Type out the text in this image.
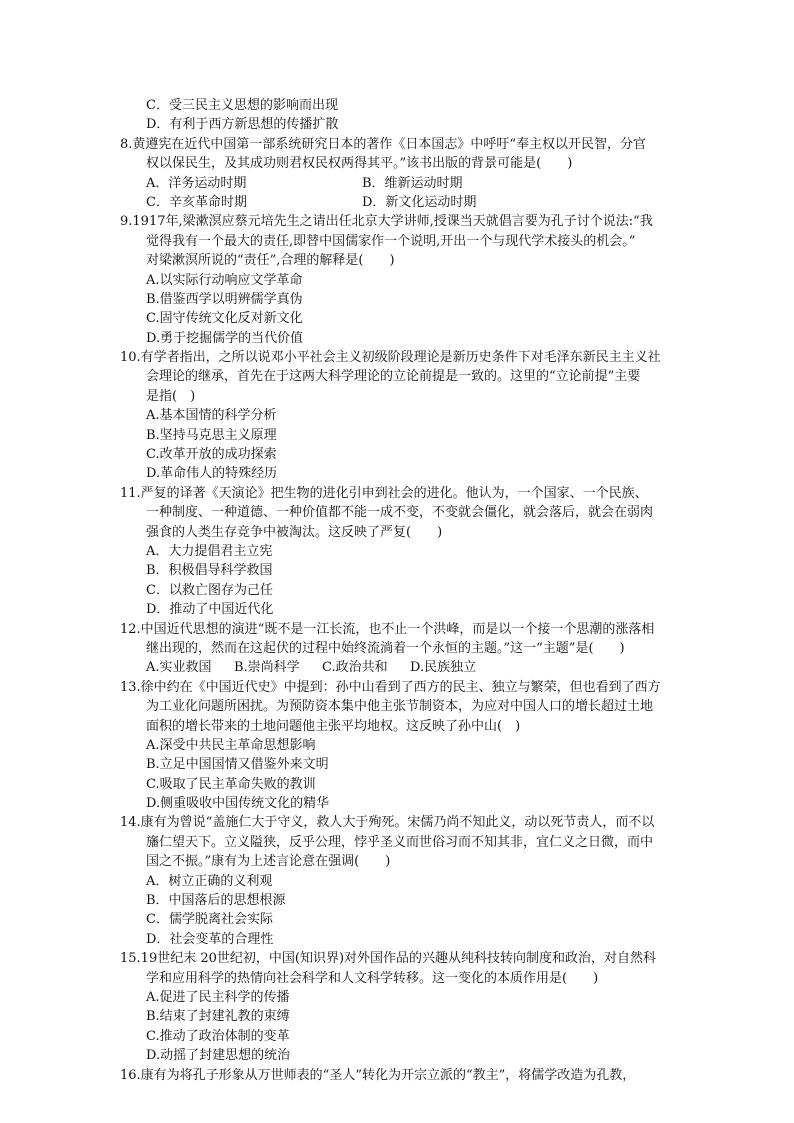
C．受三民主义思想的影响而出现
D．有利于西方新思想的传播扩散
8.黄遵宪在近代中国第一部系统研究日本的著作《日本国志》中呼吁“奉主权以开民智，分官
权以保民生，及其成功则君权民权两得其平。”该书出版的背景可能是(　　)
A．洋务运动时期	B．维新运动时期
C．辛亥革命时期	D．新文化运动时期
9.1917年,梁漱溟应蔡元培先生之请出任北京大学讲师,授课当天就倡言要为孔子讨个说法:“我
觉得我有一个最大的责任,即替中国儒家作一个说明,开出一个与现代学术接头的机会。”
对梁漱溟所说的“责任”,合理的解释是(　　)
A.以实际行动响应文学革命
B.借鉴西学以明辨儒学真伪
C.固守传统文化反对新文化
D.勇于挖掘儒学的当代价值
10.有学者指出，之所以说邓小平社会主义初级阶段理论是新历史条件下对毛泽东新民主主义社
会理论的继承，首先在于这两大科学理论的立论前提是一致的。这里的“立论前提”主要
是指(　)
A.基本国情的科学分析
B.坚持马克思主义原理
C.改革开放的成功探索
D.革命伟人的特殊经历
11.严复的译著《天演论》把生物的进化引申到社会的进化。他认为，一个国家、一个民族、
一种制度、一种道德、一种价值都不能一成不变，不变就会僵化，就会落后，就会在弱肉
强食的人类生存竞争中被淘汰。这反映了严复(　　)
A．大力提倡君主立宪
B．积极倡导科学救国
C．以救亡图存为己任
D．推动了中国近代化
12.中国近代思想的演进“既不是一江长流，也不止一个洪峰，而是以一个接一个思潮的涨落相
继出现的，然而在这起伏的过程中始终流淌着一个永恒的主题。”这一“主题”是(　　)
A.实业救国	B.崇尚科学	C.政治共和	D.民族独立
13.徐中约在《中国近代史》中提到：孙中山看到了西方的民主、独立与繁荣，但也看到了西方
为工业化问题所困扰。为预防资本集中他主张节制资本，为应对中国人口的增长超过土地
面积的增长带来的土地问题他主张平均地权。这反映了孙中山(　)
A.深受中共民主革命思想影响
B.立足中国国情又借鉴外来文明
C.吸取了民主革命失败的教训
D.侧重吸收中国传统文化的精华
14.康有为曾说“盖施仁大于守义，救人大于殉死。宋儒乃尚不知此义，动以死节责人，而不以
旛仁望天下。立义隘狭，反乎公理，悖乎圣义而世俗习而不知其非，宜仁义之日微，而中
国之不振。”康有为上述言论意在强调(　　)
A．树立正确的义利观
B．中国落后的思想根源
C．儒学脱离社会实际
D．社会变革的合理性
15.19世纪末 20世纪初，中国(知识界)对外国作品的兴趣从纯科技转向制度和政治，对自然科
学和应用科学的热情向社会科学和人文科学转移。这一变化的本质作用是(　　)
A.促进了民主科学的传播
B.结束了封建礼教的束缚
C.推动了政治体制的变革
D.动摇了封建思想的统治
16.康有为将孔子形象从万世师表的“圣人”转化为开宗立派的“教主”，将儒学改造为孔教，
